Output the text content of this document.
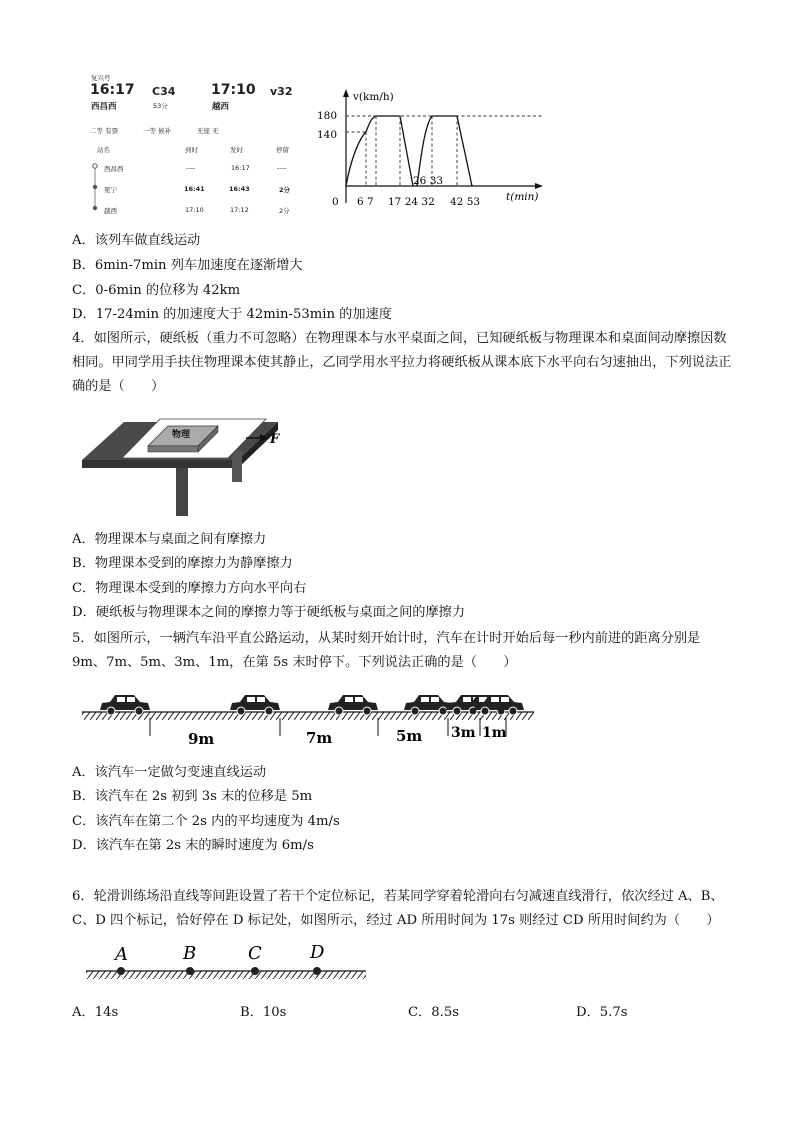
复兴号
16:17 C34	17:10 v32
西昌西	53分	越西
二等 有票	一等 候补	无座 无
站名	到时	发时	停留
西昌西	----	16:17	----
冕宁	16:41	16:43	2分
越西	17:10	17:12	2分
v(km/h)
t(min)
180
140
26 33
0 6 7 17 24 32 42 53
A．该列车做直线运动
B．6min-7min 列车加速度在逐渐增大
C．0-6min 的位移为 42km
D．17-24min 的加速度大于 42min-53min 的加速度
4．如图所示，硬纸板（重力不可忽略）在物理课本与水平桌面之间，已知硬纸板与物理课本和桌面间动摩擦因数相同。甲同学用手扶住物理课本使其静止，乙同学用水平拉力将硬纸板从课本底下水平向右匀速抽出，下列说法正确的是（　　）
物理	F
A．物理课本与桌面之间有摩擦力
B．物理课本受到的摩擦力为静摩擦力
C．物理课本受到的摩擦力方向水平向右
D．硬纸板与物理课本之间的摩擦力等于硬纸板与桌面之间的摩擦力
5．如图所示，一辆汽车沿平直公路运动，从某时刻开始计时，汽车在计时开始后每一秒内前进的距离分别是 9m、7m、5m、3m、1m，在第 5s 末时停下。下列说法正确的是（　　）
9m	7m	5m 3m 1m
A．该汽车一定做匀变速直线运动
B．该汽车在 2s 初到 3s 末的位移是 5m
C．该汽车在第二个 2s 内的平均速度为 4m/s
D．该汽车在第 2s 末的瞬时速度为 6m/s
6．轮滑训练场沿直线等间距设置了若干个定位标记，若某同学穿着轮滑向右匀减速直线滑行，依次经过 A、B、C、D 四个标记，恰好停在 D 标记处，如图所示，经过 AD 所用时间为 17s 则经过 CD 所用时间约为（　　）
A	B	C	D
A．14s	B．10s	C．8.5s	D．5.7s
